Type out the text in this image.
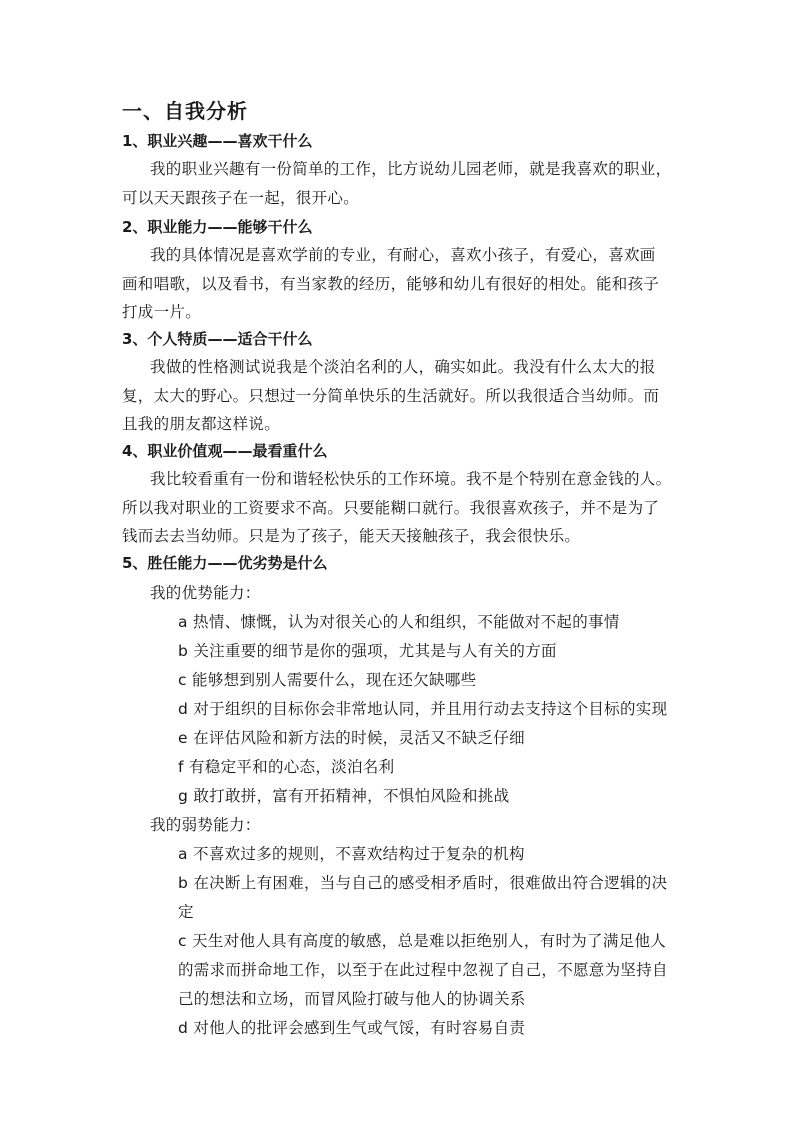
一、自我分析
1、职业兴趣——喜欢干什么
我的职业兴趣有一份简单的工作，比方说幼儿园老师，就是我喜欢的职业，
可以天天跟孩子在一起，很开心。
2、职业能力——能够干什么
我的具体情况是喜欢学前的专业，有耐心，喜欢小孩子，有爱心，喜欢画
画和唱歌，以及看书，有当家教的经历，能够和幼儿有很好的相处。能和孩子
打成一片。
3、个人特质——适合干什么
我做的性格测试说我是个淡泊名利的人，确实如此。我没有什么太大的报
复，太大的野心。只想过一分简单快乐的生活就好。所以我很适合当幼师。而
且我的朋友都这样说。
4、职业价值观——最看重什么
我比较看重有一份和谐轻松快乐的工作环境。我不是个特别在意金钱的人。
所以我对职业的工资要求不高。只要能糊口就行。我很喜欢孩子，并不是为了
钱而去去当幼师。只是为了孩子，能天天接触孩子，我会很快乐。
5、胜任能力——优劣势是什么
我的优势能力：
a 热情、慷慨，认为对很关心的人和组织，不能做对不起的事情
b 关注重要的细节是你的强项，尤其是与人有关的方面
c 能够想到别人需要什么，现在还欠缺哪些
d 对于组织的目标你会非常地认同，并且用行动去支持这个目标的实现
e 在评估风险和新方法的时候，灵活又不缺乏仔细
f 有稳定平和的心态，淡泊名利
g 敢打敢拼，富有开拓精神，不惧怕风险和挑战
我的弱势能力：
a 不喜欢过多的规则，不喜欢结构过于复杂的机构
b 在决断上有困难，当与自己的感受相矛盾时，很难做出符合逻辑的决
定
c 天生对他人具有高度的敏感，总是难以拒绝别人，有时为了满足他人
的需求而拼命地工作，以至于在此过程中忽视了自己，不愿意为坚持自
己的想法和立场，而冒风险打破与他人的协调关系
d 对他人的批评会感到生气或气馁，有时容易自责
